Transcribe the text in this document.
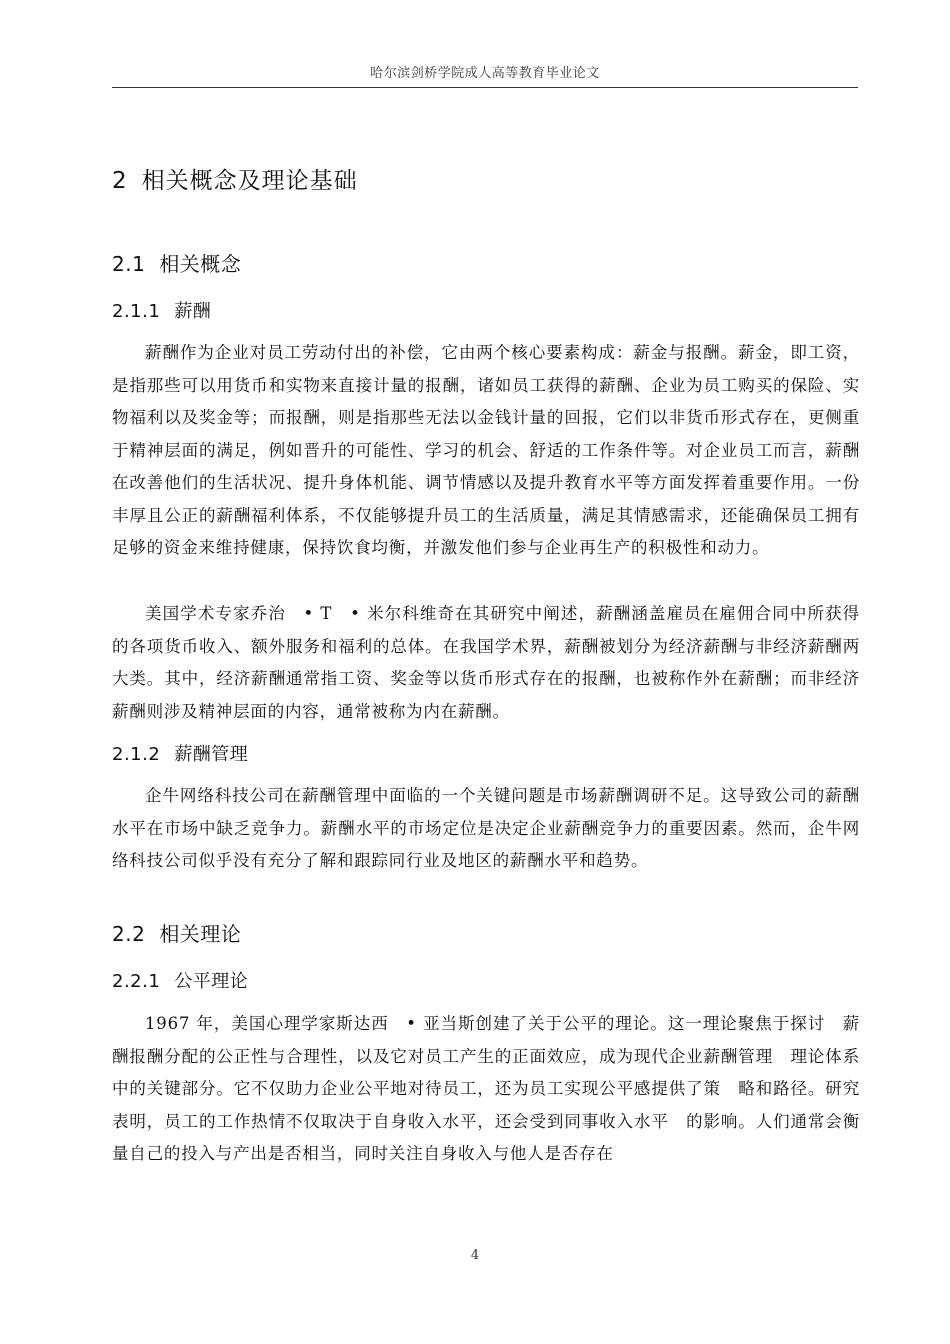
哈尔滨剑桥学院成人高等教育毕业论文
2 相关概念及理论基础
2.1 相关概念
2.1.1 薪酬

薪酬作为企业对员工劳动付出的补偿，它由两个核心要素构成：薪金与报酬。薪金，即工资，是指那些可以用货币和实物来直接计量的报酬，诸如员工获得的薪酬、企业为员工购买的保险、实物福利以及奖金等；而报酬，则是指那些无法以金钱计量的回报，它们以非货币形式存在，更侧重于精神层面的满足，例如晋升的可能性、学习的机会、舒适的工作条件等。对企业员工而言，薪酬在改善他们的生活状况、提升身体机能、调节情感以及提升教育水平等方面发挥着重要作用。一份丰厚且公正的薪酬福利体系，不仅能够提升员工的生活质量，满足其情感需求，还能确保员工拥有足够的资金来维持健康，保持饮食均衡，并激发他们参与企业再生产的积极性和动力。

美国学术专家乔治　• T　• 米尔科维奇在其研究中阐述，薪酬涵盖雇员在雇佣合同中所获得的各项货币收入、额外服务和福利的总体。在我国学术界，薪酬被划分为经济薪酬与非经济薪酬两大类。其中，经济薪酬通常指工资、奖金等以货币形式存在的报酬，也被称作外在薪酬；而非经济薪酬则涉及精神层面的内容，通常被称为内在薪酬。

2.1.2 薪酬管理

企牛网络科技公司在薪酬管理中面临的一个关键问题是市场薪酬调研不足。这导致公司的薪酬水平在市场中缺乏竞争力。薪酬水平的市场定位是决定企业薪酬竞争力的重要因素。然而，企牛网络科技公司似乎没有充分了解和跟踪同行业及地区的薪酬水平和趋势。

2.2 相关理论
2.2.1 公平理论

1967 年，美国心理学家斯达西　• 亚当斯创建了关于公平的理论。这一理论聚焦于探讨　薪酬报酬分配的公正性与合理性，以及它对员工产生的正面效应，成为现代企业薪酬管理　理论体系中的关键部分。它不仅助力企业公平地对待员工，还为员工实现公平感提供了策　略和路径。研究表明，员工的工作热情不仅取决于自身收入水平，还会受到同事收入水平　的影响。人们通常会衡量自己的投入与产出是否相当，同时关注自身收入与他人是否存在

4
